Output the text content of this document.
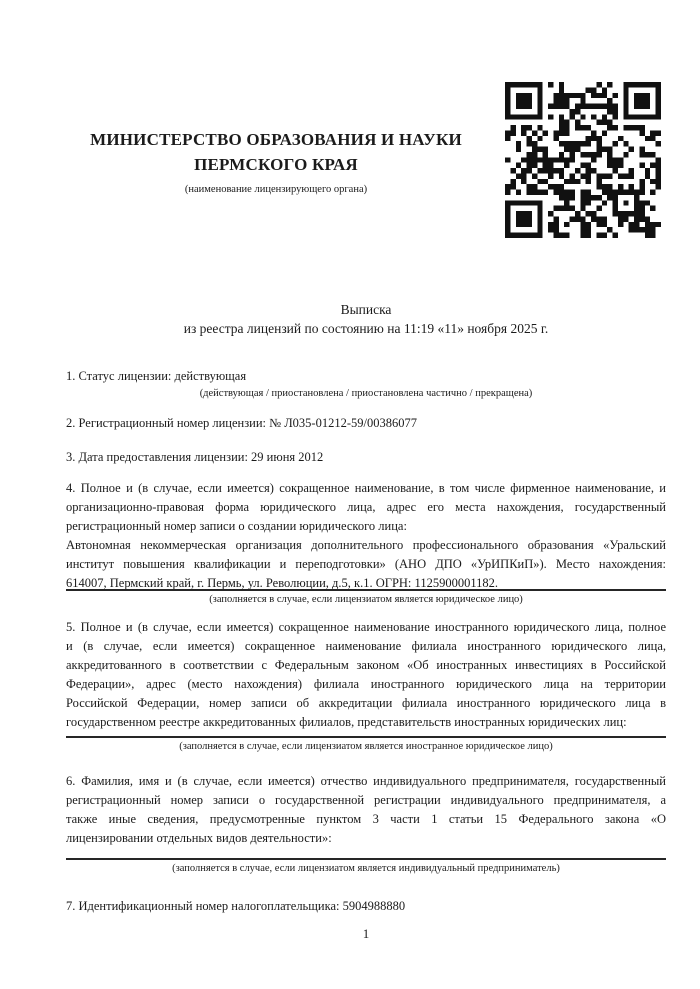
МИНИСТЕРСТВО ОБРАЗОВАНИЯ И НАУКИ
ПЕРМСКОГО КРАЯ
(наименование лицензирующего органа)
Выписка
из реестра лицензий по состоянию на 11:19 «11» ноября 2025 г.
1. Статус лицензии: действующая
(действующая / приостановлена / приостановлена частично / прекращена)
2. Регистрационный номер лицензии: № Л035-01212-59/00386077
3. Дата предоставления лицензии: 29 июня 2012
4. Полное и (в случае, если имеется) сокращенное наименование, в том числе фирменное наименование, и
организационно-правовая форма юридического лица, адрес его места нахождения, государственный
регистрационный номер записи о создании юридического лица:
Автономная некоммерческая организация дополнительного профессионального образования «Уральский
институт повышения квалификации и переподготовки» (АНО ДПО «УрИПКиП»). Место нахождения:
614007, Пермский край, г. Пермь, ул. Революции, д.5, к.1. ОГРН: 1125900001182.
(заполняется в случае, если лицензиатом является юридическое лицо)
5. Полное и (в случае, если имеется) сокращенное наименование иностранного юридического лица, полное
и (в случае, если имеется) сокращенное наименование филиала иностранного юридического лица,
аккредитованного в соответствии с Федеральным законом «Об иностранных инвестициях в Российской
Федерации», адрес (место нахождения) филиала иностранного юридического лица на территории
Российской Федерации, номер записи об аккредитации филиала иностранного юридического лица в
государственном реестре аккредитованных филиалов, представительств иностранных юридических лиц:
(заполняется в случае, если лицензиатом является иностранное юридическое лицо)
6. Фамилия, имя и (в случае, если имеется) отчество индивидуального предпринимателя, государственный
регистрационный номер записи о государственной регистрации индивидуального предпринимателя, а
также иные сведения, предусмотренные пунктом 3 части 1 статьи 15 Федерального закона «О
лицензировании отдельных видов деятельности»:
(заполняется в случае, если лицензиатом является индивидуальный предприниматель)
7. Идентификационный номер налогоплательщика: 5904988880
1
